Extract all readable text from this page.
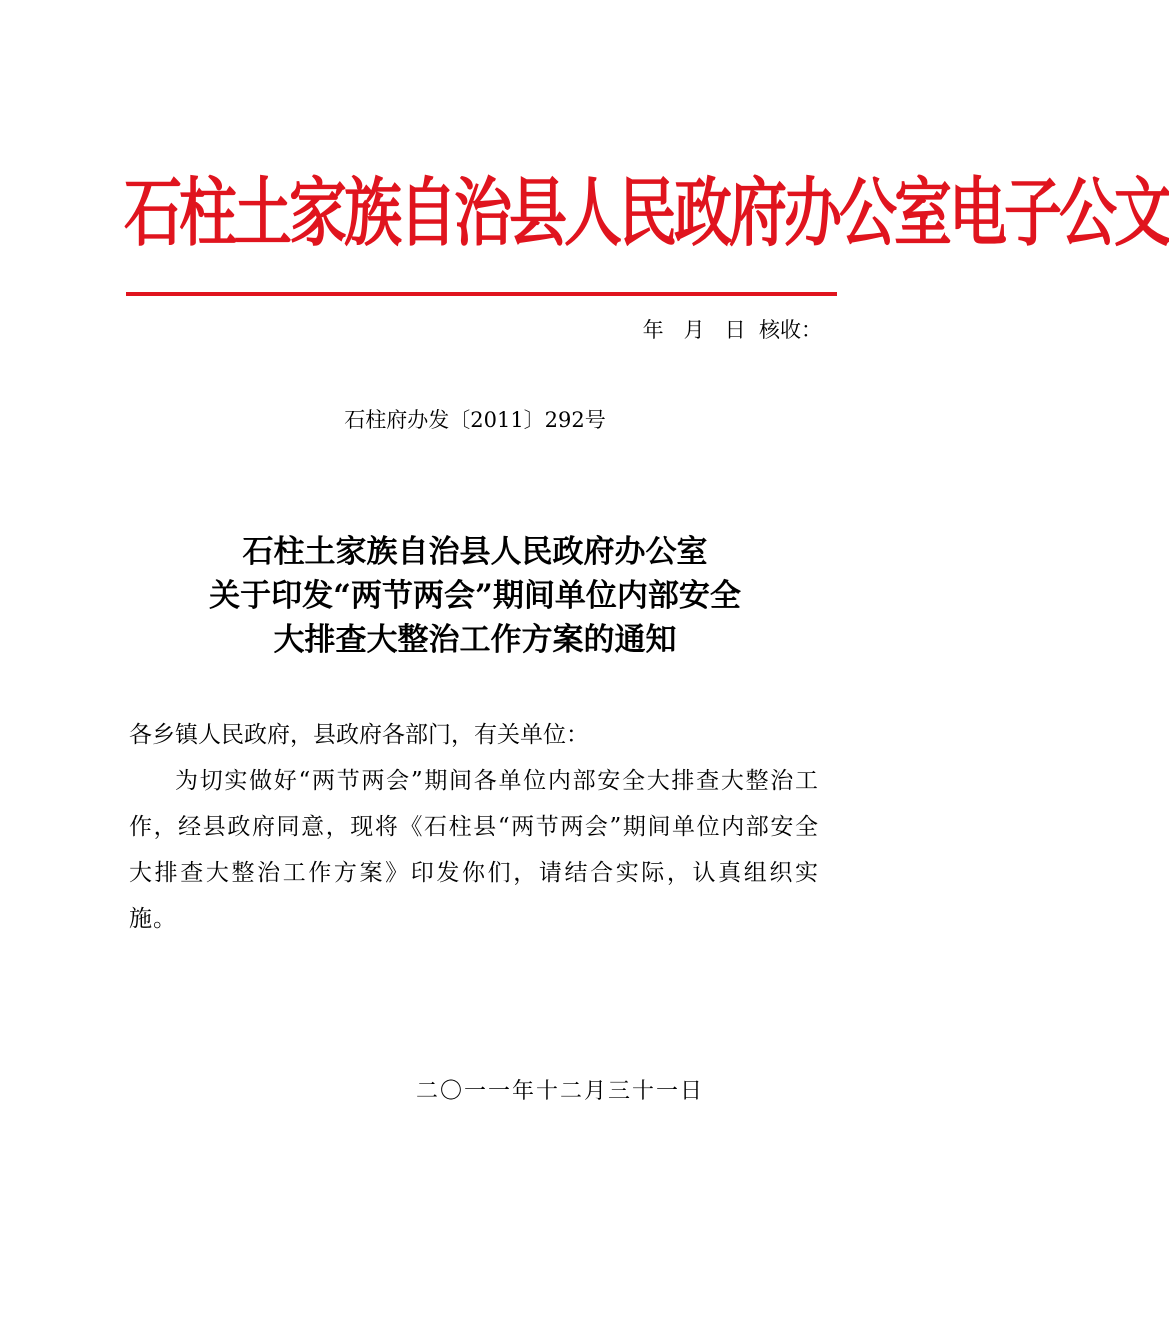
石柱土家族自治县人民政府办公室电子公文
年   月   日  核收：
石柱府办发〔2011〕292号
石柱土家族自治县人民政府办公室
关于印发“两节两会”期间单位内部安全
大排查大整治工作方案的通知
各乡镇人民政府，县政府各部门，有关单位：
为切实做好“两节两会”期间各单位内部安全大排查大整治工作，经县政府同意，现将《石柱县“两节两会”期间单位内部安全大排查大整治工作方案》印发你们，请结合实际，认真组织实施。
二〇一一年十二月三十一日
